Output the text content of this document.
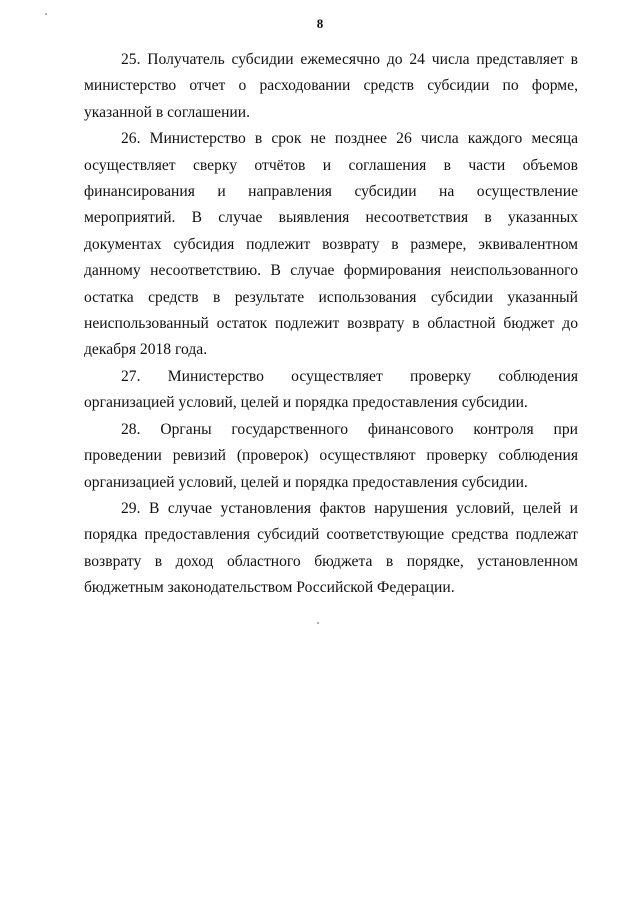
8

25. Получатель субсидии ежемесячно до 24 числа представляет в министерство отчет о расходовании средств субсидии по форме, указанной в соглашении.

26. Министерство в срок не позднее 26 числа каждого месяца осуществляет сверку отчётов и соглашения в части объемов финансирования и направления субсидии на осуществление мероприятий. В случае выявления несоответствия в указанных документах субсидия подлежит возврату в размере, эквивалентном данному несоответствию. В случае формирования неиспользованного остатка средств в результате использования субсидии указанный неиспользованный остаток подлежит возврату в областной бюджет до декабря 2018 года.

27. Министерство осуществляет проверку соблюдения организацией условий, целей и порядка предоставления субсидии.

28. Органы государственного финансового контроля при проведении ревизий (проверок) осуществляют проверку соблюдения организацией условий, целей и порядка предоставления субсидии.

29. В случае установления фактов нарушения условий, целей и порядка предоставления субсидий соответствующие средства подлежат возврату в доход областного бюджета в порядке, установленном бюджетным законодательством Российской Федерации.
